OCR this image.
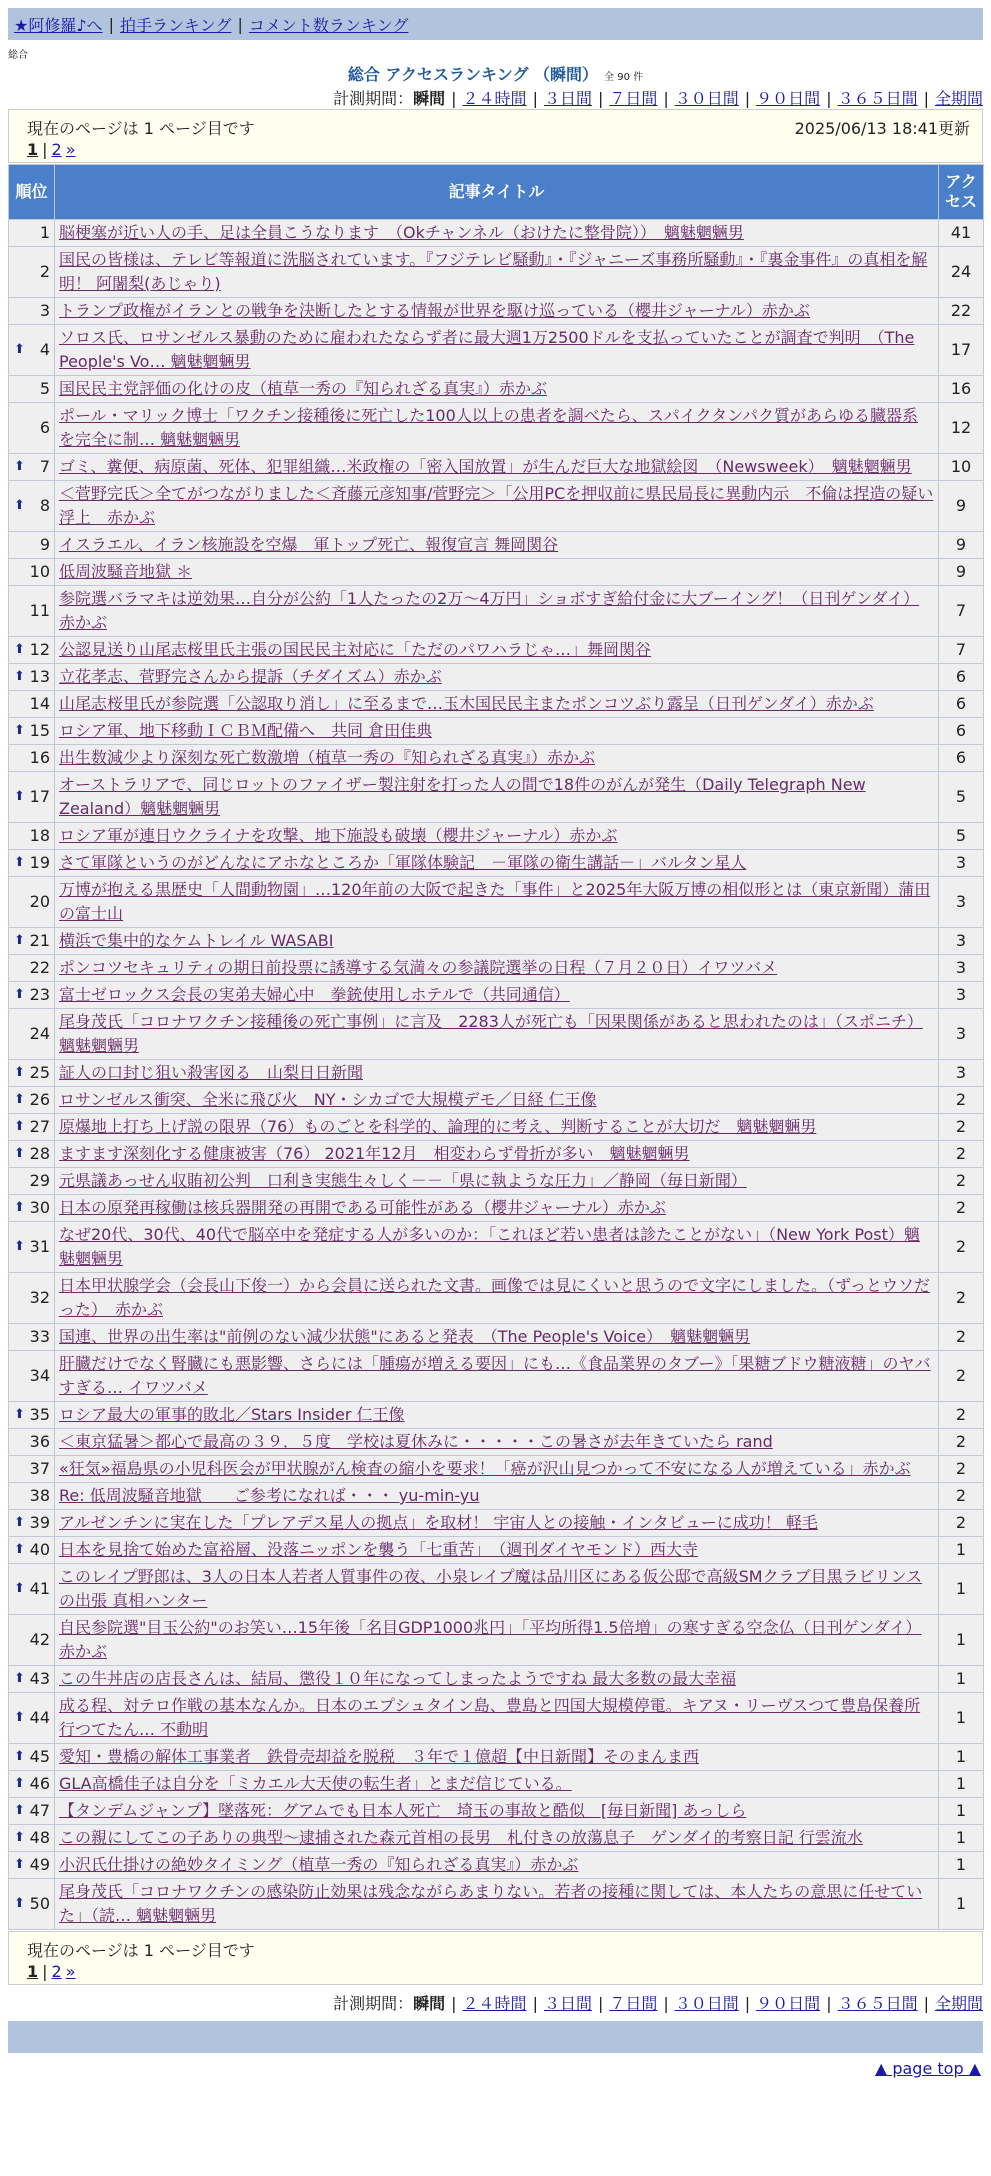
★阿修羅♪へ | 拍手ランキング | コメント数ランキング
総合
総合 アクセスランキング （瞬間） 全 90 件
計測期間：瞬間 | ２４時間 | ３日間 | ７日間 | ３０日間 | ９０日間 | ３６５日間 | 全期間
現在のページは 1 ページ目です	2025/06/13 18:41更新
1 | 2 »
順位	記事タイトル	アクセス
1	脳梗塞が近い人の手、足は全員こうなります　（Okチャンネル（おけたに整骨院））　魑魅魍魎男	41
2	国民の皆様は、テレビ等報道に洗脳されています。『フジテレビ騒動』・『ジャニーズ事務所騒動』・『裏金事件』の真相を解明！ 阿闍梨(あじゃり)	24
3	トランプ政権がイランとの戦争を決断したとする情報が世界を駆け巡っている（櫻井ジャーナル）赤かぶ	22

⬆ 4	ソロス氏、ロサンゼルス暴動のために雇われたならず者に最大週1万2500ドルを支払っていたことが調査で判明　（The People's Vo… 魑魅魍魎男	17
5	国民民主党評価の化けの皮（植草一秀の『知られざる真実』）赤かぶ	16
6	ポール・マリック博士「ワクチン接種後に死亡した100人以上の患者を調べたら、スパイクタンパク質があらゆる臓器系を完全に制… 魑魅魍魎男	12

⬆ 7	ゴミ、糞便、病原菌、死体、犯罪組織…米政権の「密入国放置」が生んだ巨大な地獄絵図　（Newsweek）　魑魅魍魎男	10

⬆ 8	＜菅野完氏＞全てがつながりました＜斉藤元彦知事/菅野完＞「公用PCを押収前に県民局長に異動内示　不倫は捏造の疑い浮上　赤かぶ	9
9	イスラエル、イラン核施設を空爆　軍トップ死亡、報復宣言 舞岡関谷	9
10	低周波騒音地獄 ＊	9
11	参院選バラマキは逆効果…自分が公約「1人たったの2万～4万円」ショボすぎ給付金に大ブーイング！（日刊ゲンダイ）赤かぶ	7

⬆ 12	公認見送り山尾志桜里氏主張の国民民主対応に「ただのパワハラじゃ…」舞岡関谷	7

⬆ 13	立花孝志、菅野完さんから提訴（チダイズム）赤かぶ	6
14	山尾志桜里氏が参院選「公認取り消し」に至るまで…玉木国民民主またポンコツぶり露呈（日刊ゲンダイ）赤かぶ	6

⬆ 15	ロシア軍、地下移動ＩＣＢＭ配備へ　共同 倉田佳典	6
16	出生数減少より深刻な死亡数激増（植草一秀の『知られざる真実』）赤かぶ	6

⬆ 17	オーストラリアで、同じロットのファイザー製注射を打った人の間で18件のがんが発生（Daily Telegraph New Zealand）魑魅魍魎男	5
18	ロシア軍が連日ウクライナを攻撃、地下施設も破壊（櫻井ジャーナル）赤かぶ	5

⬆ 19	さて軍隊というのがどんなにアホなところか「軍隊体験記　－軍隊の衛生講話－」バルタン星人	3
20	万博が抱える黒歴史「人間動物園」…120年前の大阪で起きた「事件」と2025年大阪万博の相似形とは（東京新聞）蒲田の富士山	3

⬆ 21	横浜で集中的なケムトレイル WASABI	3
22	ポンコツセキュリティの期日前投票に誘導する気満々の参議院選挙の日程（７月２０日）イワツバメ	3

⬆ 23	富士ゼロックス会長の実弟夫婦心中　拳銃使用しホテルで（共同通信）	3
24	尾身茂氏「コロナワクチン接種後の死亡事例」に言及　2283人が死亡も「因果関係があると思われたのは」（スポニチ）魑魅魍魎男	3

⬆ 25	証人の口封じ狙い殺害図る　山梨日日新聞	3

⬆ 26	ロサンゼルス衝突、全米に飛び火　NY・シカゴで大規模デモ／日経 仁王像	2

⬆ 27	原爆地上打ち上げ説の限界（76）ものごとを科学的、論理的に考え、判断することが大切だ　魑魅魍魎男	2

⬆ 28	ますます深刻化する健康被害（76） 2021年12月　相変わらず骨折が多い　魑魅魍魎男	2
29	元県議あっせん収賄初公判　口利き実態生々しく－－「県に執ような圧力」／静岡（毎日新聞）	2

⬆ 30	日本の原発再稼働は核兵器開発の再開である可能性がある（櫻井ジャーナル）赤かぶ	2

⬆ 31	なぜ20代、30代、40代で脳卒中を発症する人が多いのか：「これほど若い患者は診たことがない」（New York Post）魑魅魍魎男	2
32	日本甲状腺学会（会長山下俊一）から会員に送られた文書。画像では見にくいと思うので文字にしました。（ずっとウソだった）　赤かぶ	2
33	国連、世界の出生率は"前例のない減少状態"にあると発表　（The People's Voice）　魑魅魍魎男	2
34	肝臓だけでなく腎臓にも悪影響、さらには「腫瘍が増える要因」にも…《食品業界のタブー》「果糖ブドウ糖液糖」のヤバすぎる… イワツバメ	2

⬆ 35	ロシア最大の軍事的敗北／Stars Insider 仁王像	2
36	＜東京猛暑＞都心で最高の３９．５度　学校は夏休みに・・・・・この暑さが去年きていたら rand	2
37	«狂気»福島県の小児科医会が甲状腺がん検査の縮小を要求！「癌が沢山見つかって不安になる人が増えている」赤かぶ	2
38	Re: 低周波騒音地獄　　ご参考になれば・・・ yu-min-yu	2

⬆ 39	アルゼンチンに実在した「プレアデス星人の拠点」を取材！ 宇宙人との接触・インタビューに成功！ 軽毛	2

⬆ 40	日本を見捨て始めた富裕層、没落ニッポンを襲う「七重苦」　（週刊ダイヤモンド）西大寺	1

⬆ 41	このレイプ野郎は、3人の日本人若者人質事件の夜、小泉レイプ魔は品川区にある仮公邸で高級SMクラブ目黒ラビリンスの出張 真相ハンター	1
42	自民参院選"目玉公約"のお笑い…15年後「名目GDP1000兆円」「平均所得1.5倍増」の寒すぎる空念仏（日刊ゲンダイ）赤かぶ	1

⬆ 43	この牛丼店の店長さんは、結局、懲役１０年になってしまったようですね 最大多数の最大幸福	1

⬆ 44	成る程、対テロ作戦の基本なんか。日本のエプシュタイン島、豊島と四国大規模停電。キアヌ・リーヴスつて豊島保養所行つてたん… 不動明	1

⬆ 45	愛知・豊橋の解体工事業者　鉄骨売却益を脱税　３年で１億超【中日新聞】そのまんま西	1

⬆ 46	GLA高橋佳子は自分を「ミカエル大天使の転生者」とまだ信じている。	1

⬆ 47	【タンデムジャンプ】墜落死：グアムでも日本人死亡　埼玉の事故と酷似　[毎日新聞] あっしら	1

⬆ 48	この親にしてこの子ありの典型～逮捕された森元首相の長男　札付きの放蕩息子　ゲンダイ的考察日記 行雲流水	1

⬆ 49	小沢氏仕掛けの絶妙タイミング（植草一秀の『知られざる真実』）赤かぶ	1

⬆ 50	尾身茂氏「コロナワクチンの感染防止効果は残念ながらあまりない。若者の接種に関しては、本人たちの意思に任せていた」（読… 魑魅魍魎男	1
現在のページは 1 ページ目です
1 | 2 »
計測期間：瞬間 | ２４時間 | ３日間 | ７日間 | ３０日間 | ９０日間 | ３６５日間 | 全期間
▲ page top ▲
